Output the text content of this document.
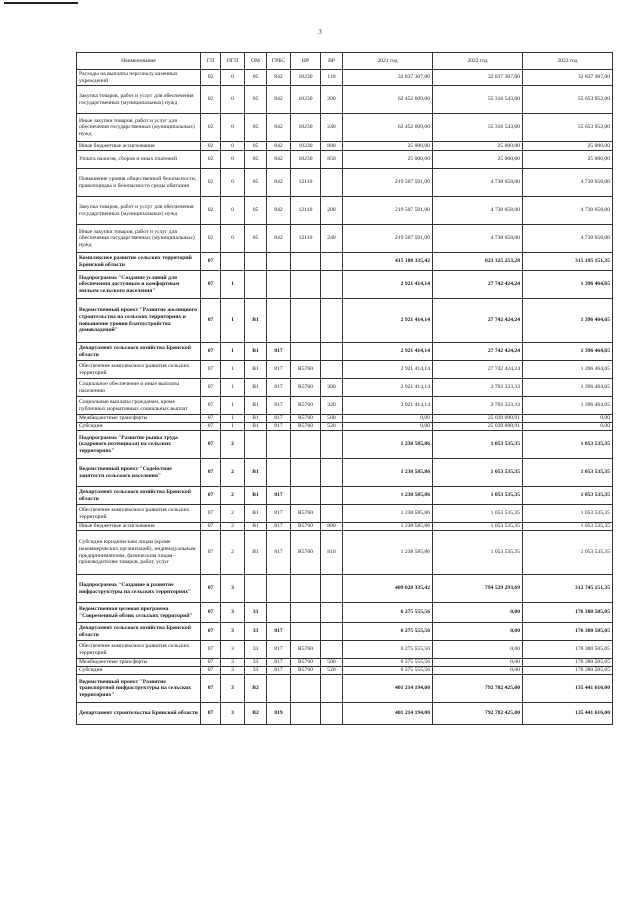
3
Наименование	ГП	ПГП	ОМ	ГРБС	НР	ВР	2021 год	2022 год	2023 год
Расходы на выплаты персоналу казенных учреждений	02	0	05	842	10230	110	32 837 307,00	32 837 307,00	32 837 307,00
Закупка товаров, работ и услуг для обеспечения государственных (муниципальных) нужд	02	0	05	842	10230	200	62 452 609,00	55 316 543,00	55 653 952,00
Иные закупки товаров, работ и услуг для обеспечения государственных (муниципальных) нужд	02	0	05	842	10230	240	62 452 609,00	55 316 543,00	55 653 952,00
Иные бюджетные ассигнования	02	0	05	842	10230	800	25 000,00	25 000,00	25 000,00
Уплата налогов, сборов и иных платежей	02	0	05	842	10230	850	25 000,00	25 000,00	25 000,00
Повышение уровня общественной безопасности, правопорядка и безопасности среды обитания	02	0	05	842	12110		219 507 591,00	4 730 658,00	4 730 658,00
Закупка товаров, работ и услуг для обеспечения государственных (муниципальных) нужд	02	0	05	842	12110	200	219 507 591,00	4 730 658,00	4 730 658,00
Иные закупки товаров, работ и услуг для обеспечения государственных (муниципальных) нужд	02	0	05	842	12110	240	219 507 591,00	4 730 658,00	4 730 658,00
Комплексное развитие сельских территорий Брянской области	07						415 188 335,42	823 325 253,28	315 195 151,35
Подпрограмма "Создание условий для обеспечения доступным и комфортным жильем сельского населения"	07	1					2 921 414,14	27 742 424,24	1 396 464,65
Ведомственный проект "Развитие жилищного строительства на сельских территориях и повышение уровня благоустройства домовладений"	07	1	B1				2 921 414,14	27 742 424,24	1 396 464,65
Департамент сельского хозяйства Брянской области	07	1	B1	817			2 921 414,14	27 742 424,24	1 396 464,65
Обеспечение комплексного развития сельских территорий	07	1	B1	817	R5760		2 921 414,14	27 742 424,24	1 396 464,65
Социальное обеспечение и иные выплаты населению	07	1	B1	817	R5760	300	2 921 414,14	2 703 333,33	1 396 464,65
Социальные выплаты гражданам, кроме публичных нормативных социальных выплат	07	1	B1	817	R5760	320	2 921 414,14	2 703 333,33	1 396 464,65
Межбюджетные трансферты	07	1	B1	817	R5760	500	0,00	25 039 090,91	0,00
Субсидии	07	1	B1	817	R5760	520	0,00	25 039 090,91	0,00
Подпрограмма "Развитие рынка труда (кадрового потенциала) на сельских территориях"	07	2					1 238 585,86	1 053 535,35	1 053 535,35
Ведомственный проект "Содействие занятости сельского населения"	07	2	B1				1 238 585,86	1 053 535,35	1 053 535,35
Департамент сельского хозяйства Брянской области	07	2	B1	817			1 238 585,86	1 053 535,35	1 053 535,35
Обеспечение комплексного развития сельских территорий	07	2	B1	817	R5760		1 238 585,86	1 053 535,35	1 053 535,35
Иные бюджетные ассигнования	07	2	B1	817	R5760	800	1 238 585,86	1 053 535,35	1 053 535,35
Субсидии юридическим лицам (кроме некоммерческих организаций), индивидуальным предпринимателям, физическим лицам - производителям товаров, работ, услуг	07	2	B1	817	R5760	810	1 238 585,86	1 053 535,35	1 053 535,35
Подпрограмма "Создание и развитие инфраструктуры на сельских территориях"	07	3					409 028 335,42	794 529 293,69	312 745 151,35
Ведомственная целевая программа "Современный облик сельских территорий"	07	3	33				6 275 555,56	0,00	176 380 505,05
Департамент сельского хозяйства Брянской области	07	3	33	817			6 275 555,56	0,00	176 380 505,05
Обеспечение комплексного развития сельских территорий	07	3	33	817	R5760		6 275 555,56	0,00	176 380 505,05
Межбюджетные трансферты	07	3	33	817	R5760	500	6 275 555,56	0,00	176 380 505,05
Субсидии	07	3	33	817	R5760	520	6 275 555,56	0,00	176 380 505,05
Ведомственный проект "Развитие транспортной инфраструктуры на сельских территориях"	07	3	B2				401 214 194,00	792 782 425,00	135 441 616,00
Департамент строительства Брянской области	07	3	B2	819			401 214 194,00	792 782 425,00	135 441 616,00
